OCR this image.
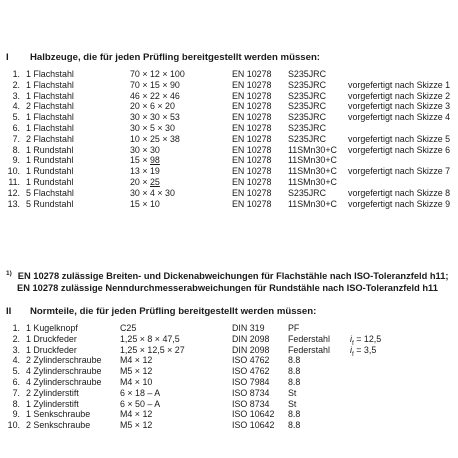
I Halbzeuge, die für jeden Prüfling bereitgestellt werden müssen:
1. 1 Flachstahl	70 × 12 × 100	EN 10278 S235JRC
2. 1 Flachstahl	70 × 15 × 90	EN 10278 S235JRC vorgefertigt nach Skizze 1
3. 1 Flachstahl	46 × 22 × 46	EN 10278 S235JRC vorgefertigt nach Skizze 2
4. 2 Flachstahl	20 × 6 × 20	EN 10278 S235JRC vorgefertigt nach Skizze 3
5. 1 Flachstahl	30 × 30 × 53	EN 10278 S235JRC vorgefertigt nach Skizze 4
6. 1 Flachstahl	30 × 5 × 30	EN 10278 S235JRC
7. 2 Flachstahl	10 × 25 × 38	EN 10278 S235JRC vorgefertigt nach Skizze 5
8. 1 Rundstahl	30 × 30	EN 10278 11SMn30+C vorgefertigt nach Skizze 6
9. 1 Rundstahl	15 × 98	EN 10278 11SMn30+C
10. 1 Rundstahl	13 × 19	EN 10278 11SMn30+C vorgefertigt nach Skizze 7
11. 1 Rundstahl	20 × 25	EN 10278 11SMn30+C
12. 5 Flachstahl	30 × 4 × 30	EN 10278 S235JRC vorgefertigt nach Skizze 8
13. 5 Rundstahl	15 × 10	EN 10278 11SMn30+C vorgefertigt nach Skizze 9
$^{1)}$ EN 10278 zulässige Breiten- und Dickenabweichungen für Flachstähle nach ISO-Toleranzfeld h11;
EN 10278 zulässige Nenndurchmesserabweichungen für Rundstähle nach ISO-Toleranzfeld h11
II Normteile, die für jeden Prüfling bereitgestellt werden müssen:
1. 1 Kugelknopf	C25	DIN 319	PF
2. 1 Druckfeder	1,25 × 8 × 47,5	DIN 2098 Federstahl $i_f = 12,5$
3. 1 Druckfeder	1,25 × 12,5 × 27	DIN 2098 Federstahl $i_f = 3,5$
4. 2 Zylinderschraube M4 × 12	ISO 4762 8.8
5. 4 Zylinderschraube M5 × 12	ISO 4762 8.8
6. 4 Zylinderschraube M4 × 10	ISO 7984 8.8
7. 2 Zylinderstift	6 × 18 – A	ISO 8734 St
8. 1 Zylinderstift	6 × 50 – A	ISO 8734 St
9. 1 Senkschraube	M4 × 12	ISO 10642 8.8
10. 2 Senkschraube	M5 × 12	ISO 10642 8.8
